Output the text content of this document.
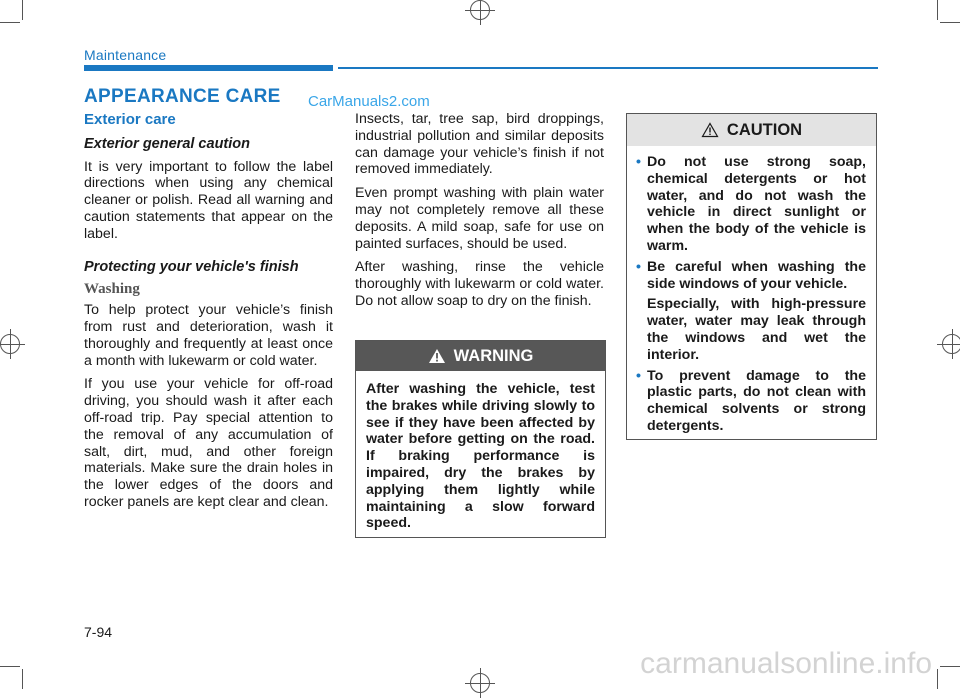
Maintenance
APPEARANCE CARE CarManuals2.com
Exterior care
Exterior general caution

It is very important to follow the label directions when using any chemical cleaner or polish. Read all warning and caution statements that appear on the label.

Protecting your vehicle's finish
Washing

To help protect your vehicle’s finish from rust and deterioration, wash it thoroughly and frequently at least once a month with lukewarm or cold water.

If you use your vehicle for off-road driving, you should wash it after each off-road trip. Pay special attention to the removal of any accumulation of salt, dirt, mud, and other foreign materials. Make sure the drain holes in the lower edges of the doors and rocker panels are kept clear and clean.

Insects, tar, tree sap, bird droppings, industrial pollution and similar deposits can damage your vehicle’s finish if not removed immediately.

Even prompt washing with plain water may not completely remove all these deposits. A mild soap, safe for use on painted surfaces, should be used.

After washing, rinse the vehicle thoroughly with lukewarm or cold water. Do not allow soap to dry on the finish.

WARNING
After washing the vehicle, test the brakes while driving slowly to see if they have been affected by water before getting on the road. If braking performance is impaired, dry the brakes by applying them lightly while maintaining a slow forward speed.
CAUTION
• Do not use strong soap, chemical detergents or hot water, and do not wash the vehicle in direct sunlight or when the body of the vehicle is warm.
• Be careful when washing the side windows of your vehicle.
Especially, with high-pressure water, water may leak through the windows and wet the interior.
• To prevent damage to the plastic parts, do not clean with chemical solvents or strong detergents.
7-94
carmanualsonline.info
